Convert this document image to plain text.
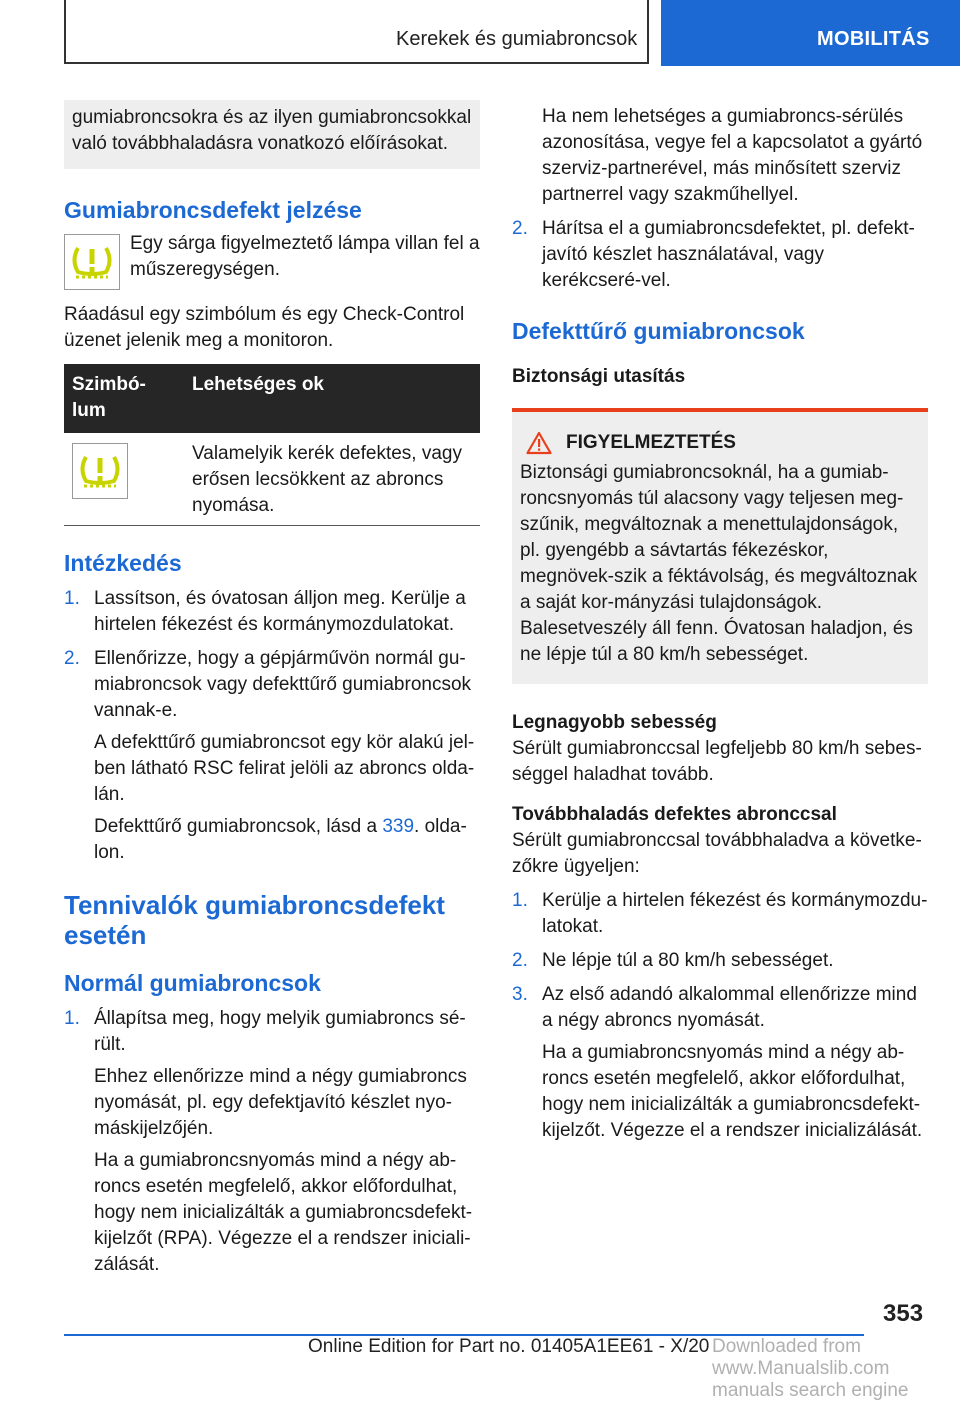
Kerekek és gumiabroncsok	MOBILITÁS

gumiabroncsokra és az ilyen gumiabroncsokkal való továbbhaladásra vonatkozó előírásokat.

Gumiabroncsdefekt jelzése

Egy sárga figyelmeztető lámpa villan fel a műszeregységen.

Ráadásul egy szimbólum és egy Check-Control üzenet jelenik meg a monitoron.

Szimbó-lum	Lehetséges ok

	Valamelyik kerék defektes, vagy erősen lecsökkent az abroncs nyomása.
Intézkedés
1. Lassítson, és óvatosan álljon meg. Kerülje a hirtelen fékezést és kormánymozdulatokat.

2. Ellenőrizze, hogy a gépjárművön normál gu-miabroncsok vagy defekttűrő gumiabroncsok vannak-e.

A defekttűrő gumiabroncsot egy kör alakú jel-ben látható RSC felirat jelöli az abroncs olda-lán.

Defekttűrő gumiabroncsok, lásd a 339. olda-lon.

Tennivalók gumiabroncsdefekt esetén
Normál gumiabroncsok
1. Állapítsa meg, hogy melyik gumiabroncs sé-rült.

Ehhez ellenőrizze mind a négy gumiabroncs nyomását, pl. egy defektjavító készlet nyo-máskijelzőjén.

Ha a gumiabroncsnyomás mind a négy ab-roncs esetén megfelelő, akkor előfordulhat, hogy nem inicializálták a gumiabroncsdefekt-kijelzőt (RPA). Végezze el a rendszer iniciali-zálását.

Ha nem lehetséges a gumiabroncs-sérülés azonosítása, vegye fel a kapcsolatot a gyártó szerviz-partnerével, más minősített szerviz partnerrel vagy szakműhellyel.

2. Hárítsa el a gumiabroncsdefektet, pl. defekt-javító készlet használatával, vagy kerékcseré-vel.

Defekttűrő gumiabroncsok
Biztonsági utasítás
FIGYELMEZTETÉS

Biztonsági gumiabroncsoknál, ha a gumiab-roncsnyomás túl alacsony vagy teljesen meg-szűnik, megváltoznak a menettulajdonságok, pl. gyengébb a sávtartás fékezéskor, megnövek-szik a féktávolság, és megváltoznak a saját kor-mányzási tulajdonságok. Balesetveszély áll fenn. Óvatosan haladjon, és ne lépje túl a 80 km/h sebességet.

Legnagyobb sebesség

Sérült gumiabronccsal legfeljebb 80 km/h sebes-séggel haladhat tovább.

Továbbhaladás defektes abronccsal

Sérült gumiabronccsal továbbhaladva a követke-zőkre ügyeljen:

1. Kerülje a hirtelen fékezést és kormánymozdu-latokat.

2. Ne lépje túl a 80 km/h sebességet.

3. Az első adandó alkalommal ellenőrizze mind a négy abroncs nyomását.

Ha a gumiabroncsnyomás mind a négy ab-roncs esetén megfelelő, akkor előfordulhat, hogy nem inicializálták a gumiabroncsdefekt-kijelzőt. Végezze el a rendszer inicializálását.

353
Online Edition for Part no. 01405A1EE61 - X/20 Downloaded from www.Manualslib.com manuals search engine
